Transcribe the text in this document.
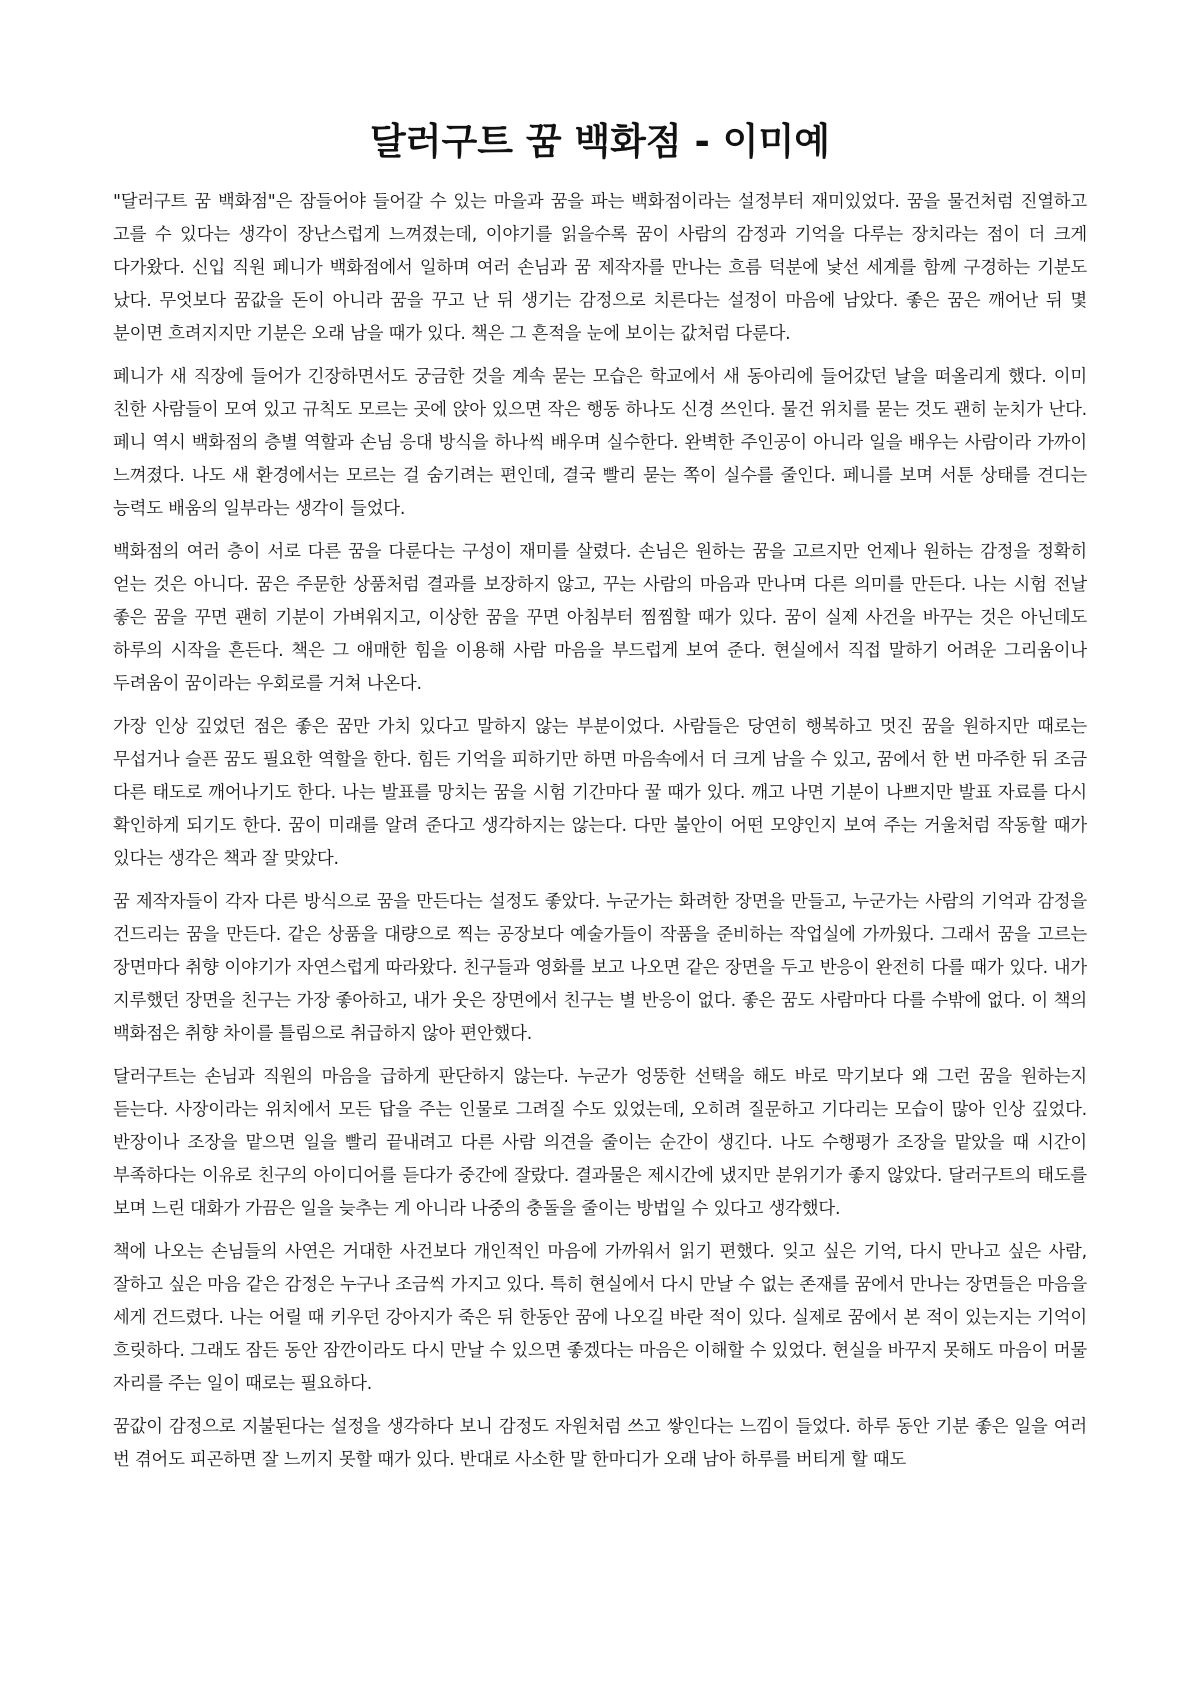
달러구트 꿈 백화점 - 이미예

"달러구트 꿈 백화점"은 잠들어야 들어갈 수 있는 마을과 꿈을 파는 백화점이라는 설정부터 재미있었다. 꿈을 물건처럼 진열하고 고를 수 있다는 생각이 장난스럽게 느껴졌는데, 이야기를 읽을수록 꿈이 사람의 감정과 기억을 다루는 장치라는 점이 더 크게 다가왔다. 신입 직원 페니가 백화점에서 일하며 여러 손님과 꿈 제작자를 만나는 흐름 덕분에 낯선 세계를 함께 구경하는 기분도 났다. 무엇보다 꿈값을 돈이 아니라 꿈을 꾸고 난 뒤 생기는 감정으로 치른다는 설정이 마음에 남았다. 좋은 꿈은 깨어난 뒤 몇 분이면 흐려지지만 기분은 오래 남을 때가 있다. 책은 그 흔적을 눈에 보이는 값처럼 다룬다.

페니가 새 직장에 들어가 긴장하면서도 궁금한 것을 계속 묻는 모습은 학교에서 새 동아리에 들어갔던 날을 떠올리게 했다. 이미 친한 사람들이 모여 있고 규칙도 모르는 곳에 앉아 있으면 작은 행동 하나도 신경 쓰인다. 물건 위치를 묻는 것도 괜히 눈치가 난다. 페니 역시 백화점의 층별 역할과 손님 응대 방식을 하나씩 배우며 실수한다. 완벽한 주인공이 아니라 일을 배우는 사람이라 가까이 느껴졌다. 나도 새 환경에서는 모르는 걸 숨기려는 편인데, 결국 빨리 묻는 쪽이 실수를 줄인다. 페니를 보며 서툰 상태를 견디는 능력도 배움의 일부라는 생각이 들었다.

백화점의 여러 층이 서로 다른 꿈을 다룬다는 구성이 재미를 살렸다. 손님은 원하는 꿈을 고르지만 언제나 원하는 감정을 정확히 얻는 것은 아니다. 꿈은 주문한 상품처럼 결과를 보장하지 않고, 꾸는 사람의 마음과 만나며 다른 의미를 만든다. 나는 시험 전날 좋은 꿈을 꾸면 괜히 기분이 가벼워지고, 이상한 꿈을 꾸면 아침부터 찜찜할 때가 있다. 꿈이 실제 사건을 바꾸는 것은 아닌데도 하루의 시작을 흔든다. 책은 그 애매한 힘을 이용해 사람 마음을 부드럽게 보여 준다. 현실에서 직접 말하기 어려운 그리움이나 두려움이 꿈이라는 우회로를 거쳐 나온다.

가장 인상 깊었던 점은 좋은 꿈만 가치 있다고 말하지 않는 부분이었다. 사람들은 당연히 행복하고 멋진 꿈을 원하지만 때로는 무섭거나 슬픈 꿈도 필요한 역할을 한다. 힘든 기억을 피하기만 하면 마음속에서 더 크게 남을 수 있고, 꿈에서 한 번 마주한 뒤 조금 다른 태도로 깨어나기도 한다. 나는 발표를 망치는 꿈을 시험 기간마다 꿀 때가 있다. 깨고 나면 기분이 나쁘지만 발표 자료를 다시 확인하게 되기도 한다. 꿈이 미래를 알려 준다고 생각하지는 않는다. 다만 불안이 어떤 모양인지 보여 주는 거울처럼 작동할 때가 있다는 생각은 책과 잘 맞았다.

꿈 제작자들이 각자 다른 방식으로 꿈을 만든다는 설정도 좋았다. 누군가는 화려한 장면을 만들고, 누군가는 사람의 기억과 감정을 건드리는 꿈을 만든다. 같은 상품을 대량으로 찍는 공장보다 예술가들이 작품을 준비하는 작업실에 가까웠다. 그래서 꿈을 고르는 장면마다 취향 이야기가 자연스럽게 따라왔다. 친구들과 영화를 보고 나오면 같은 장면을 두고 반응이 완전히 다를 때가 있다. 내가 지루했던 장면을 친구는 가장 좋아하고, 내가 웃은 장면에서 친구는 별 반응이 없다. 좋은 꿈도 사람마다 다를 수밖에 없다. 이 책의 백화점은 취향 차이를 틀림으로 취급하지 않아 편안했다.

달러구트는 손님과 직원의 마음을 급하게 판단하지 않는다. 누군가 엉뚱한 선택을 해도 바로 막기보다 왜 그런 꿈을 원하는지 듣는다. 사장이라는 위치에서 모든 답을 주는 인물로 그려질 수도 있었는데, 오히려 질문하고 기다리는 모습이 많아 인상 깊었다. 반장이나 조장을 맡으면 일을 빨리 끝내려고 다른 사람 의견을 줄이는 순간이 생긴다. 나도 수행평가 조장을 맡았을 때 시간이 부족하다는 이유로 친구의 아이디어를 듣다가 중간에 잘랐다. 결과물은 제시간에 냈지만 분위기가 좋지 않았다. 달러구트의 태도를 보며 느린 대화가 가끔은 일을 늦추는 게 아니라 나중의 충돌을 줄이는 방법일 수 있다고 생각했다.

책에 나오는 손님들의 사연은 거대한 사건보다 개인적인 마음에 가까워서 읽기 편했다. 잊고 싶은 기억, 다시 만나고 싶은 사람, 잘하고 싶은 마음 같은 감정은 누구나 조금씩 가지고 있다. 특히 현실에서 다시 만날 수 없는 존재를 꿈에서 만나는 장면들은 마음을 세게 건드렸다. 나는 어릴 때 키우던 강아지가 죽은 뒤 한동안 꿈에 나오길 바란 적이 있다. 실제로 꿈에서 본 적이 있는지는 기억이 흐릿하다. 그래도 잠든 동안 잠깐이라도 다시 만날 수 있으면 좋겠다는 마음은 이해할 수 있었다. 현실을 바꾸지 못해도 마음이 머물 자리를 주는 일이 때로는 필요하다.

꿈값이 감정으로 지불된다는 설정을 생각하다 보니 감정도 자원처럼 쓰고 쌓인다는 느낌이 들었다. 하루 동안 기분 좋은 일을 여러 번 겪어도 피곤하면 잘 느끼지 못할 때가 있다. 반대로 사소한 말 한마디가 오래 남아 하루를 버티게 할 때도
